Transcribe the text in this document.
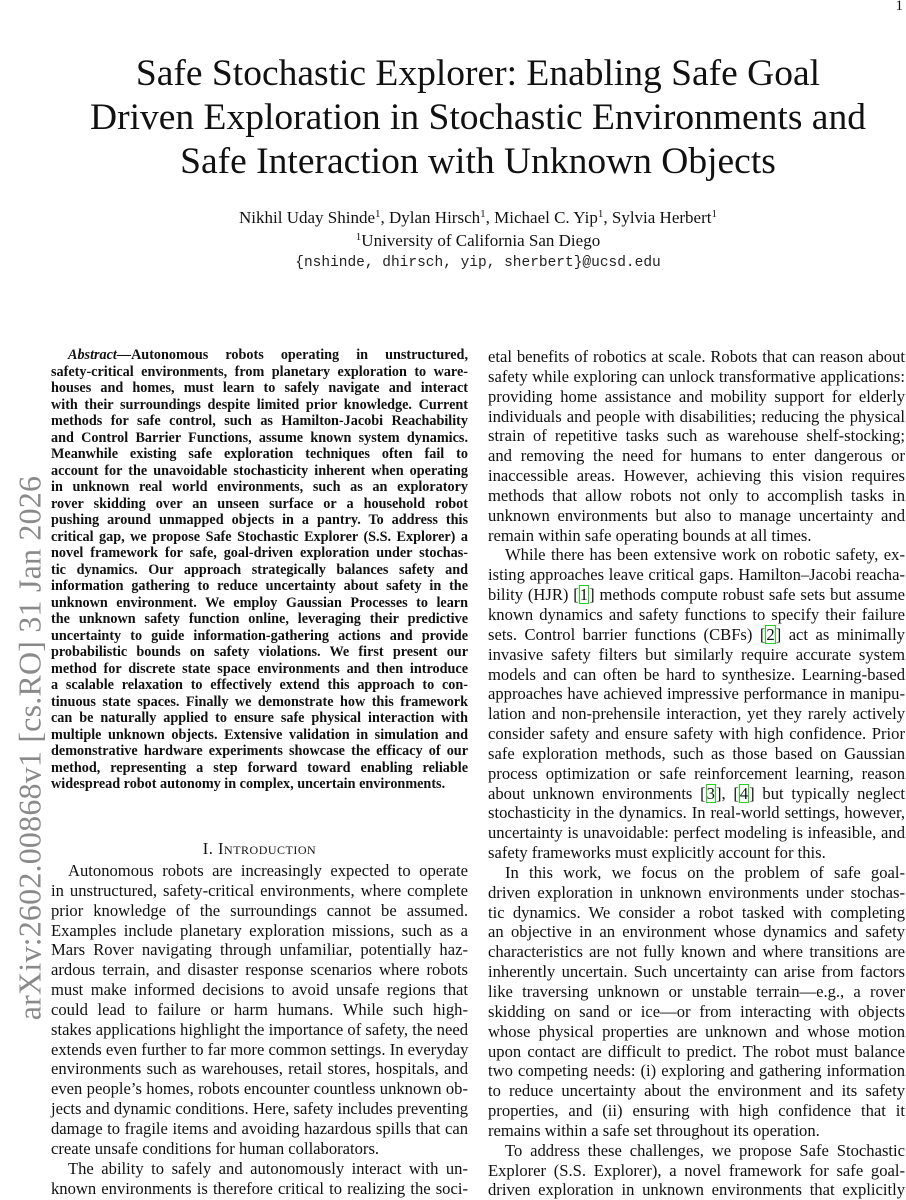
1
arXiv:2602.00868v1 [cs.RO] 31 Jan 2026
Safe Stochastic Explorer: Enabling Safe Goal
Driven Exploration in Stochastic Environments and
Safe Interaction with Unknown Objects
Nikhil Uday Shinde$^1$, Dylan Hirsch$^1$, Michael C. Yip$^1$, Sylvia Herbert$^1$
$^1$University of California San Diego
{nshinde, dhirsch, yip, sherbert}@ucsd.edu
Abstract—Autonomous robots operating in unstructured,
safety-critical environments, from planetary exploration to ware-
houses and homes, must learn to safely navigate and interact
with their surroundings despite limited prior knowledge. Current
methods for safe control, such as Hamilton-Jacobi Reachability
and Control Barrier Functions, assume known system dynamics.
Meanwhile existing safe exploration techniques often fail to
account for the unavoidable stochasticity inherent when operating
in unknown real world environments, such as an exploratory
rover skidding over an unseen surface or a household robot
pushing around unmapped objects in a pantry. To address this
critical gap, we propose Safe Stochastic Explorer (S.S. Explorer) a
novel framework for safe, goal-driven exploration under stochas-
tic dynamics. Our approach strategically balances safety and
information gathering to reduce uncertainty about safety in the
unknown environment. We employ Gaussian Processes to learn
the unknown safety function online, leveraging their predictive
uncertainty to guide information-gathering actions and provide
probabilistic bounds on safety violations. We first present our
method for discrete state space environments and then introduce
a scalable relaxation to effectively extend this approach to con-
tinuous state spaces. Finally we demonstrate how this framework
can be naturally applied to ensure safe physical interaction with
multiple unknown objects. Extensive validation in simulation and
demonstrative hardware experiments showcase the efficacy of our
method, representing a step forward toward enabling reliable
widespread robot autonomy in complex, uncertain environments.
I. Introduction
Autonomous robots are increasingly expected to operate
in unstructured, safety-critical environments, where complete
prior knowledge of the surroundings cannot be assumed.
Examples include planetary exploration missions, such as a
Mars Rover navigating through unfamiliar, potentially haz-
ardous terrain, and disaster response scenarios where robots
must make informed decisions to avoid unsafe regions that
could lead to failure or harm humans. While such high-
stakes applications highlight the importance of safety, the need
extends even further to far more common settings. In everyday
environments such as warehouses, retail stores, hospitals, and
even people’s homes, robots encounter countless unknown ob-
jects and dynamic conditions. Here, safety includes preventing
damage to fragile items and avoiding hazardous spills that can
create unsafe conditions for human collaborators.
The ability to safely and autonomously interact with un-
known environments is therefore critical to realizing the soci-
etal benefits of robotics at scale. Robots that can reason about
safety while exploring can unlock transformative applications:
providing home assistance and mobility support for elderly
individuals and people with disabilities; reducing the physical
strain of repetitive tasks such as warehouse shelf-stocking;
and removing the need for humans to enter dangerous or
inaccessible areas. However, achieving this vision requires
methods that allow robots not only to accomplish tasks in
unknown environments but also to manage uncertainty and
remain within safe operating bounds at all times.
While there has been extensive work on robotic safety, ex-
isting approaches leave critical gaps. Hamilton–Jacobi reacha-
bility (HJR) [1] methods compute robust safe sets but assume
known dynamics and safety functions to specify their failure
sets. Control barrier functions (CBFs) [2] act as minimally
invasive safety filters but similarly require accurate system
models and can often be hard to synthesize. Learning-based
approaches have achieved impressive performance in manipu-
lation and non-prehensile interaction, yet they rarely actively
consider safety and ensure safety with high confidence. Prior
safe exploration methods, such as those based on Gaussian
process optimization or safe reinforcement learning, reason
about unknown environments [3], [4] but typically neglect
stochasticity in the dynamics. In real-world settings, however,
uncertainty is unavoidable: perfect modeling is infeasible, and
safety frameworks must explicitly account for this.
In this work, we focus on the problem of safe goal-
driven exploration in unknown environments under stochas-
tic dynamics. We consider a robot tasked with completing
an objective in an environment whose dynamics and safety
characteristics are not fully known and where transitions are
inherently uncertain. Such uncertainty can arise from factors
like traversing unknown or unstable terrain—e.g., a rover
skidding on sand or ice—or from interacting with objects
whose physical properties are unknown and whose motion
upon contact are difficult to predict. The robot must balance
two competing needs: (i) exploring and gathering information
to reduce uncertainty about the environment and its safety
properties, and (ii) ensuring with high confidence that it
remains within a safe set throughout its operation.
To address these challenges, we propose Safe Stochastic
Explorer (S.S. Explorer), a novel framework for safe goal-
driven exploration in unknown environments that explicitly
